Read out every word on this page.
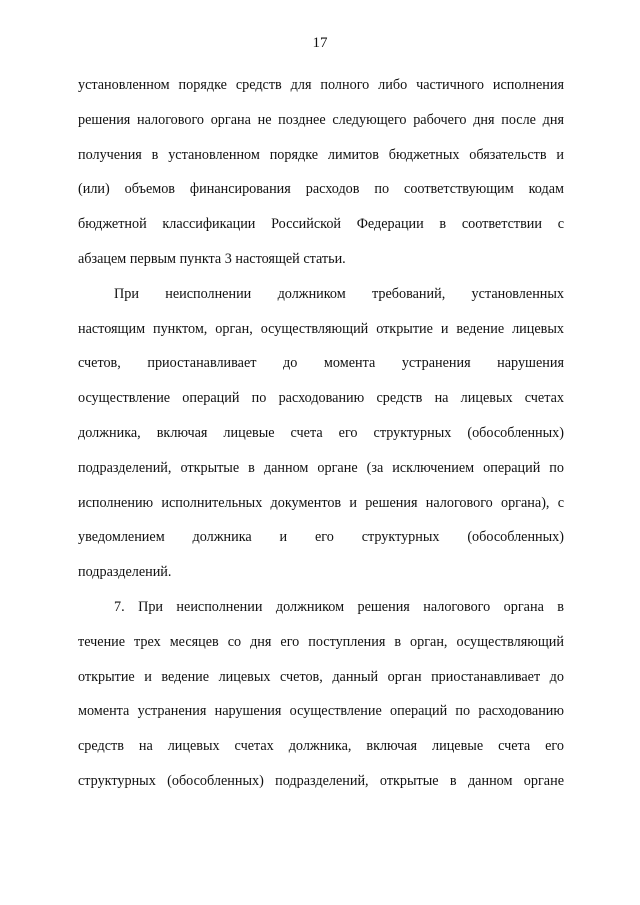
17
установленном порядке средств для полного либо частичного исполнения
решения налогового органа не позднее следующего рабочего дня после дня
получения в установленном порядке лимитов бюджетных обязательств и
(или) объемов финансирования расходов по соответствующим кодам
бюджетной классификации Российской Федерации в соответствии с
абзацем первым пункта 3 настоящей статьи.
При неисполнении должником требований, установленных
настоящим пунктом, орган, осуществляющий открытие и ведение лицевых
счетов, приостанавливает до момента устранения нарушения
осуществление операций по расходованию средств на лицевых счетах
должника, включая лицевые счета его структурных (обособленных)
подразделений, открытые в данном органе (за исключением операций по
исполнению исполнительных документов и решения налогового органа), с
уведомлением должника и его структурных (обособленных)
подразделений.
7. При неисполнении должником решения налогового органа в
течение трех месяцев со дня его поступления в орган, осуществляющий
открытие и ведение лицевых счетов, данный орган приостанавливает до
момента устранения нарушения осуществление операций по расходованию
средств на лицевых счетах должника, включая лицевые счета его
структурных (обособленных) подразделений, открытые в данном органе
